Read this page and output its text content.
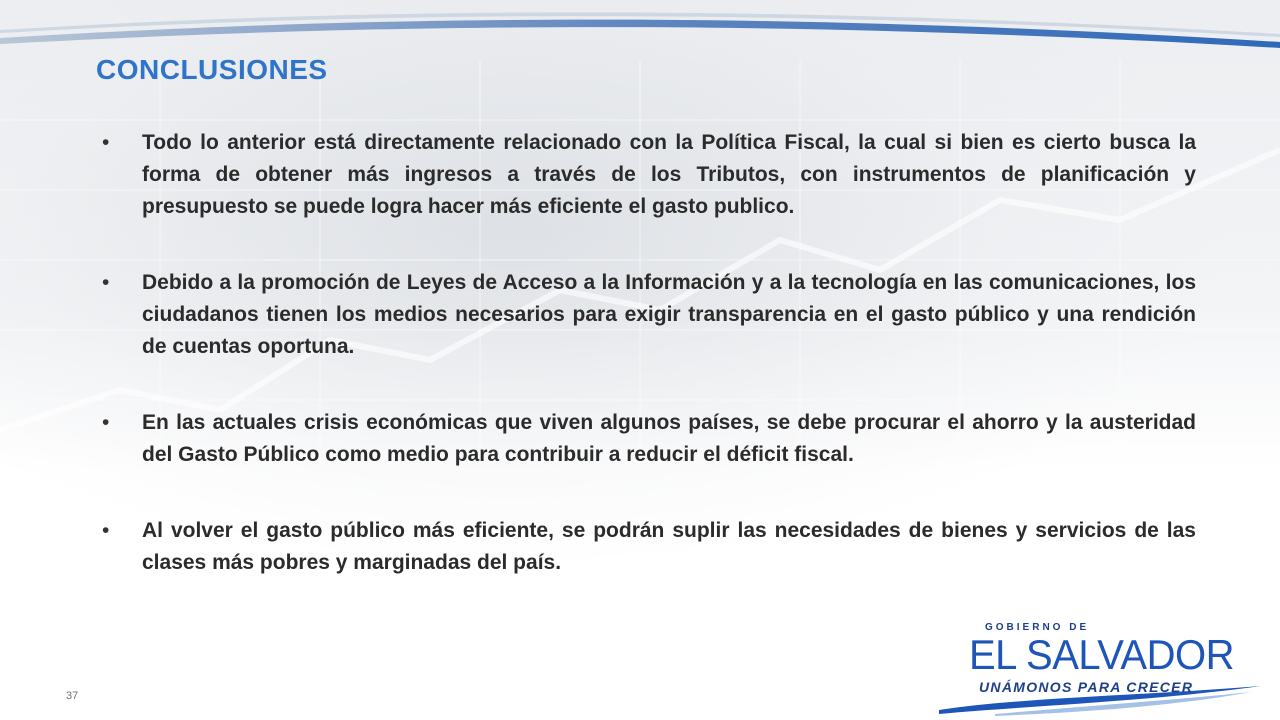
CONCLUSIONES
• Todo lo anterior está directamente relacionado con la Política Fiscal, la cual si bien es cierto busca la forma de obtener más ingresos a través de los Tributos, con instrumentos de planificación y presupuesto se puede logra hacer más eficiente el gasto publico.
• Debido a la promoción de Leyes de Acceso a la Información y a la tecnología en las comunicaciones, los ciudadanos tienen los medios necesarios para exigir transparencia en el gasto público y una rendición de cuentas oportuna.
• En las actuales crisis económicas que viven algunos países, se debe procurar el ahorro y la austeridad del Gasto Público como medio para contribuir a reducir el déficit fiscal.
• Al volver el gasto público más eficiente, se podrán suplir las necesidades de bienes y servicios de las clases más pobres y marginadas del país.
37
GOBIERNO DE
EL SALVADOR
UNÁMONOS PARA CRECER
